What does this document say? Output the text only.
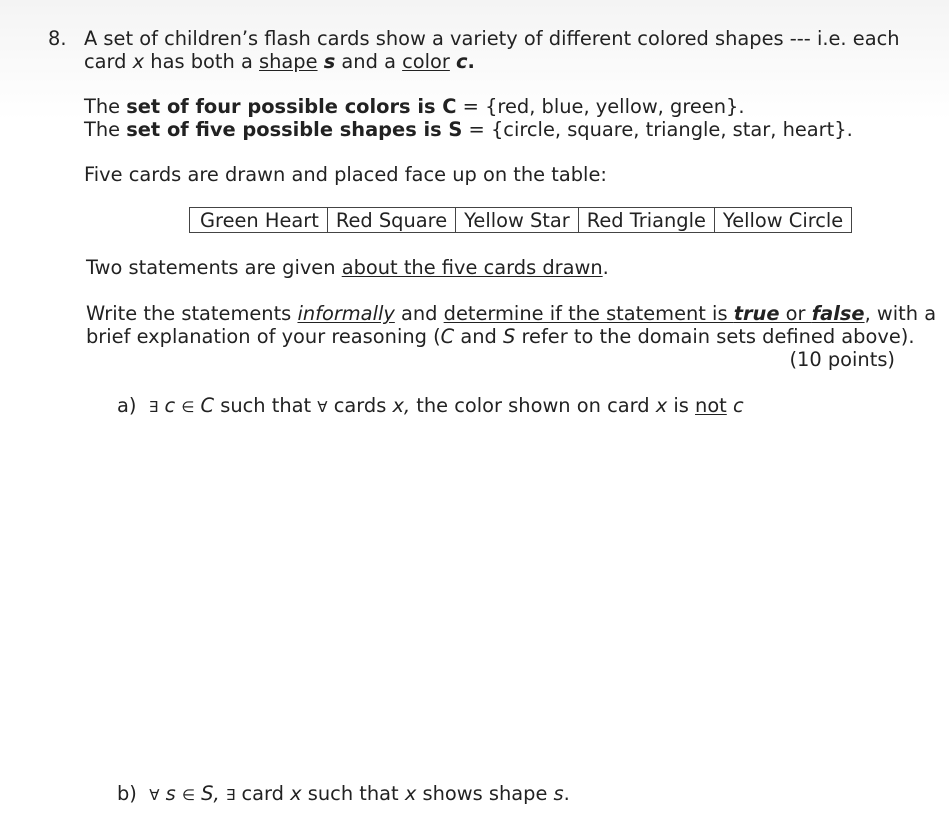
8. A set of children’s flash cards show a variety of different colored shapes --- i.e. each
card x has both a shape s and a color c.
The set of four possible colors is C = {red, blue, yellow, green}.
The set of five possible shapes is S = {circle, square, triangle, star, heart}.
Five cards are drawn and placed face up on the table:
Green Heart	Red Square	Yellow Star	Red Triangle	Yellow Circle
Two statements are given about the five cards drawn.
Write the statements informally and determine if the statement is true or false, with a
brief explanation of your reasoning (C and S refer to the domain sets defined above).
(10 points)
a) ∃ c ∈ C such that ∀ cards x, the color shown on card x is not c
b) ∀ s ∈ S, ∃ card x such that x shows shape s.
